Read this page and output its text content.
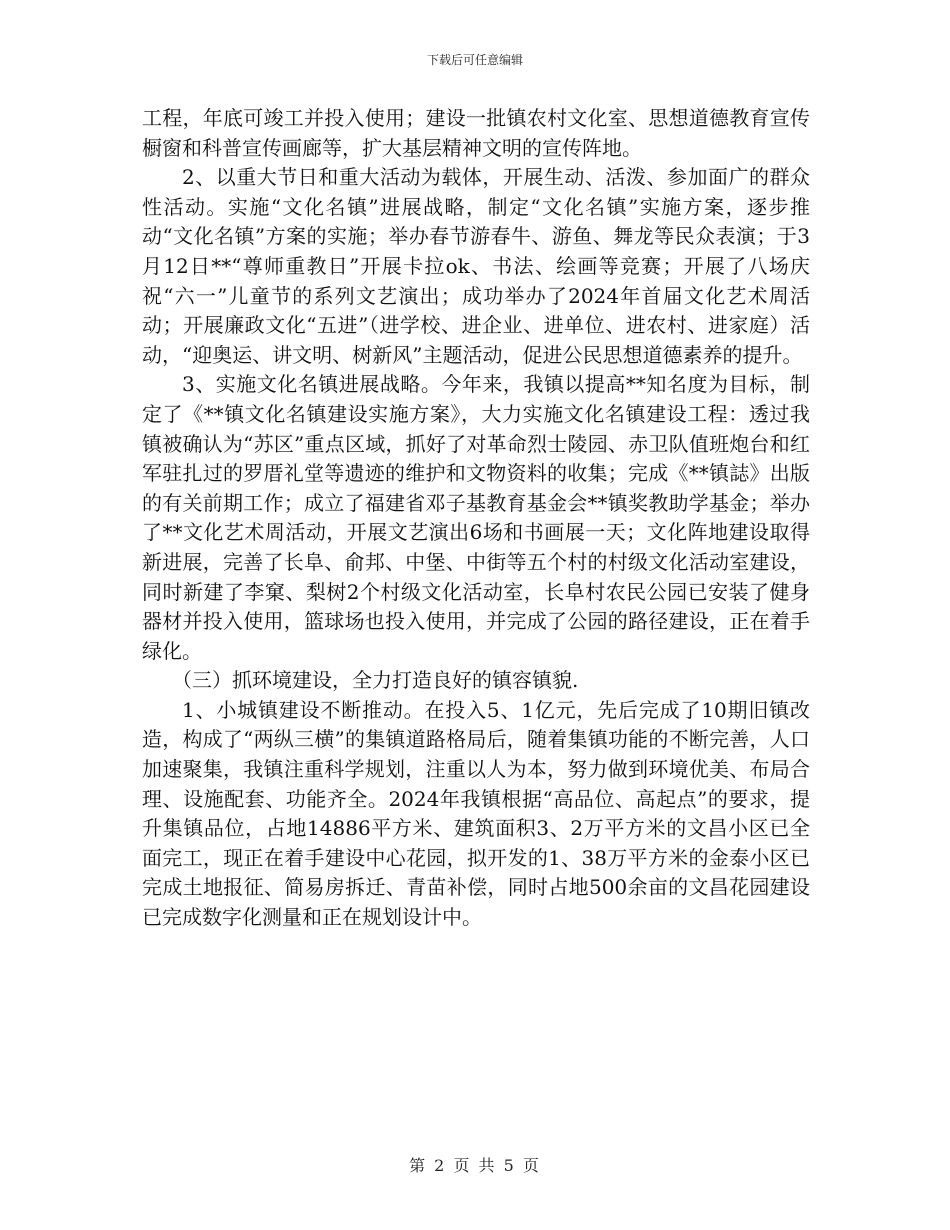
下载后可任意编辑

工程，年底可竣工并投入使用；建设一批镇农村文化室、思想道德教育宣传橱窗和科普宣传画廊等，扩大基层精神文明的宣传阵地。

2、以重大节日和重大活动为载体，开展生动、活泼、参加面广的群众性活动。实施“文化名镇”进展战略，制定“文化名镇”实施方案，逐步推动“文化名镇”方案的实施；举办春节游春牛、游鱼、舞龙等民众表演；于3月12日**“尊师重教日”开展卡拉ok、书法、绘画等竞赛；开展了八场庆祝“六一”儿童节的系列文艺演出；成功举办了2024年首届文化艺术周活动；开展廉政文化“五进”（进学校、进企业、进单位、进农村、进家庭）活动，“迎奥运、讲文明、树新风”主题活动，促进公民思想道德素养的提升。

3、实施文化名镇进展战略。今年来，我镇以提高**知名度为目标，制定了《**镇文化名镇建设实施方案》，大力实施文化名镇建设工程：透过我镇被确认为“苏区”重点区域，抓好了对革命烈士陵园、赤卫队值班炮台和红军驻扎过的罗厝礼堂等遗迹的维护和文物资料的收集；完成《**镇誌》出版的有关前期工作；成立了福建省邓子基教育基金会**镇奖教助学基金；举办了**文化艺术周活动，开展文艺演出6场和书画展一天；文化阵地建设取得新进展，完善了长阜、俞邦、中堡、中街等五个村的村级文化活动室建设，同时新建了李窠、梨树2个村级文化活动室，长阜村农民公园已安装了健身器材并投入使用，篮球场也投入使用，并完成了公园的路径建设，正在着手绿化。

（三）抓环境建设，全力打造良好的镇容镇貌.

1、小城镇建设不断推动。在投入5、1亿元，先后完成了10期旧镇改造，构成了“两纵三横”的集镇道路格局后，随着集镇功能的不断完善，人口加速聚集，我镇注重科学规划，注重以人为本，努力做到环境优美、布局合理、设施配套、功能齐全。2024年我镇根据“高品位、高起点”的要求，提升集镇品位，占地14886平方米、建筑面积3、2万平方米的文昌小区已全面完工，现正在着手建设中心花园，拟开发的1、38万平方米的金泰小区已完成土地报征、简易房拆迁、青苗补偿，同时占地500余亩的文昌花园建设已完成数字化测量和正在规划设计中。

第 2 页 共 5 页
